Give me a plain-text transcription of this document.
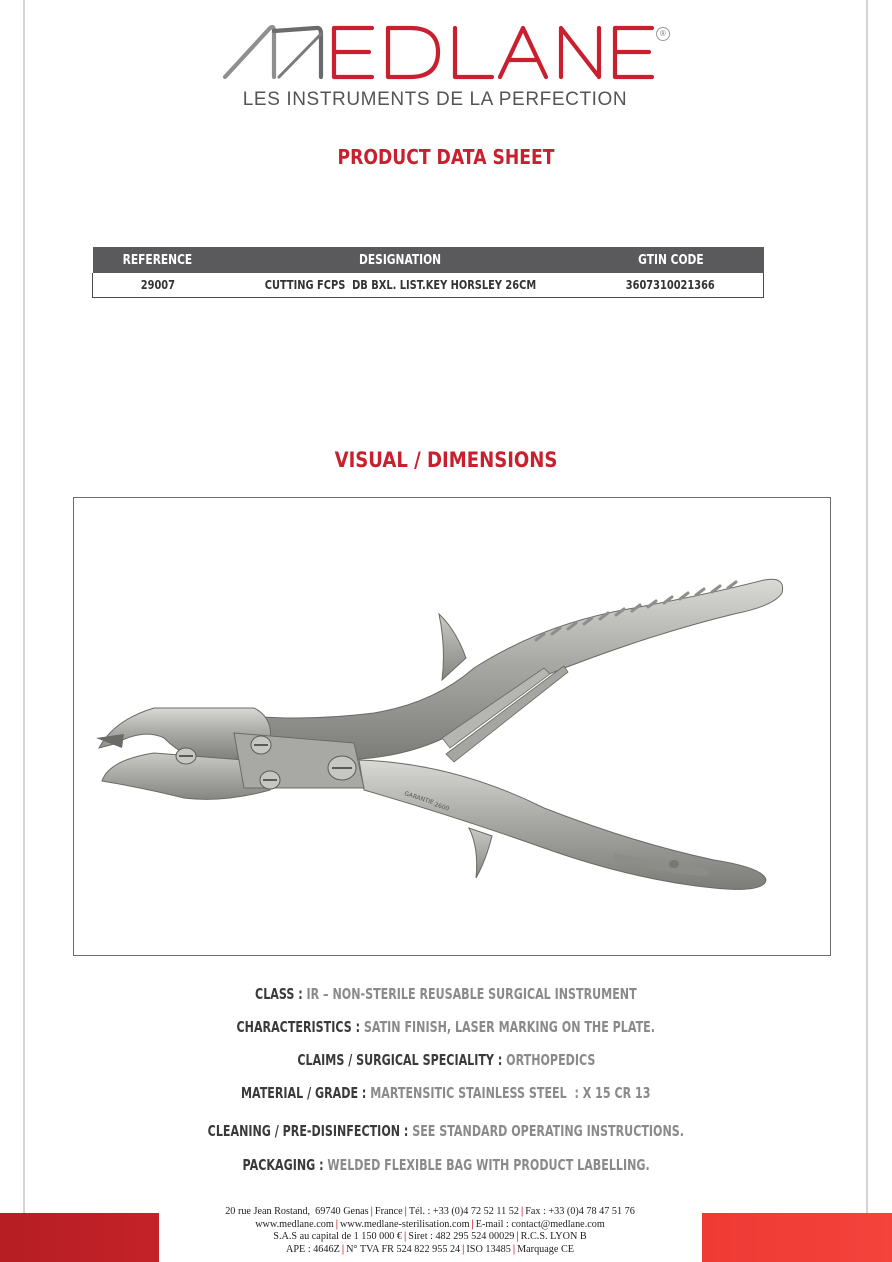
®
LES INSTRUMENTS DE LA PERFECTION
PRODUCT DATA SHEET
REFERENCE	DESIGNATION	GTIN CODE
29007	CUTTING FCPS  DB BXL. LIST.KEY HORSLEY 26CM	3607310021366
VISUAL / DIMENSIONS
GARANTIE
2600
CLASS : IR – NON-STERILE REUSABLE SURGICAL INSTRUMENT
CHARACTERISTICS : SATIN FINISH, LASER MARKING ON THE PLATE.
CLAIMS / SURGICAL SPECIALITY : ORTHOPEDICS
MATERIAL / GRADE : MARTENSITIC STAINLESS STEEL  : X 15 CR 13
CLEANING / PRE-DISINFECTION : SEE STANDARD OPERATING INSTRUCTIONS.
PACKAGING : WELDED FLEXIBLE BAG WITH PRODUCT LABELLING.
20 rue Jean Rostand,  69740 Genas | France | Tél. : +33 (0)4 72 52 11 52 | Fax : +33 (0)4 78 47 51 76
www.medlane.com | www.medlane-sterilisation.com | E-mail : contact@medlane.com
S.A.S au capital de 1 150 000 € | Siret : 482 295 524 00029 | R.C.S. LYON B
APE : 4646Z | N° TVA FR 524 822 955 24 | ISO 13485 | Marquage CE
